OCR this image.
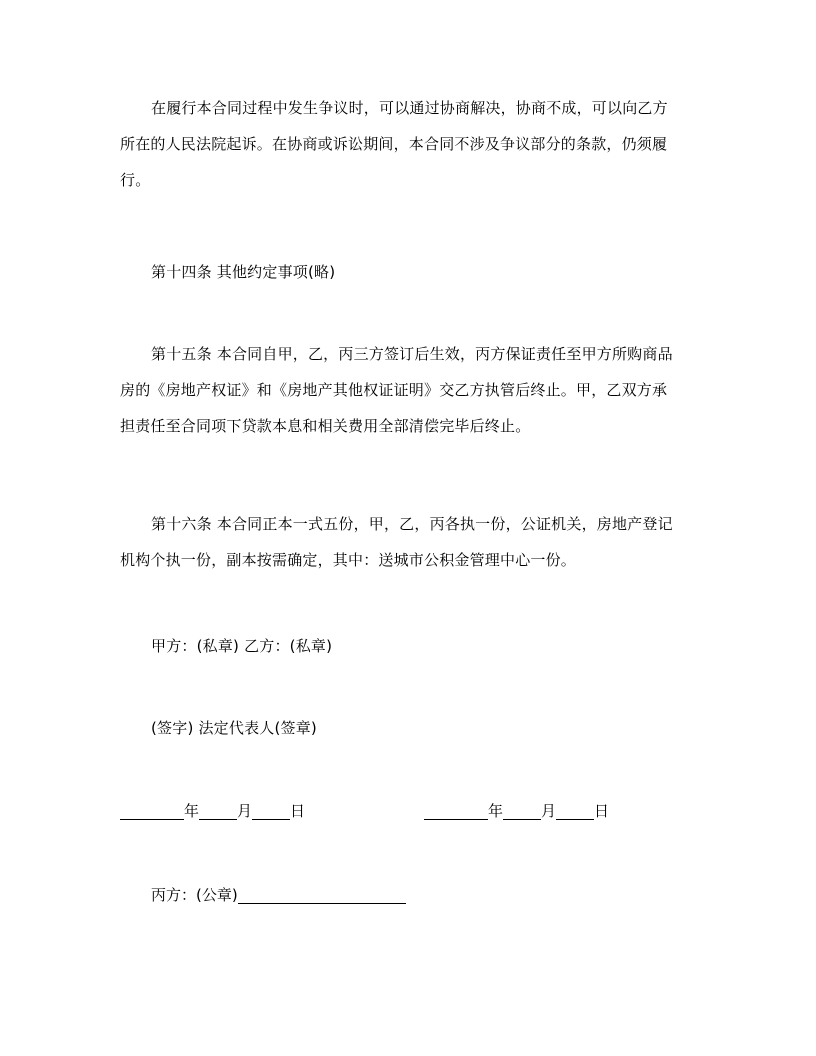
在履行本合同过程中发生争议时，可以通过协商解决，协商不成，可以向乙方
所在的人民法院起诉。在协商或诉讼期间，本合同不涉及争议部分的条款，仍须履
行。
第十四条 其他约定事项(略)
第十五条 本合同自甲，乙，丙三方签订后生效，丙方保证责任至甲方所购商品
房的《房地产权证》和《房地产其他权证证明》交乙方执管后终止。甲，乙双方承
担责任至合同项下贷款本息和相关费用全部清偿完毕后终止。
第十六条 本合同正本一式五份，甲，乙，丙各执一份，公证机关，房地产登记
机构个执一份，副本按需确定，其中：送城市公积金管理中心一份。
甲方：(私章) 乙方：(私章)
(签字) 法定代表人(签章)
年	月	日	年	月	日
丙方：(公章)
